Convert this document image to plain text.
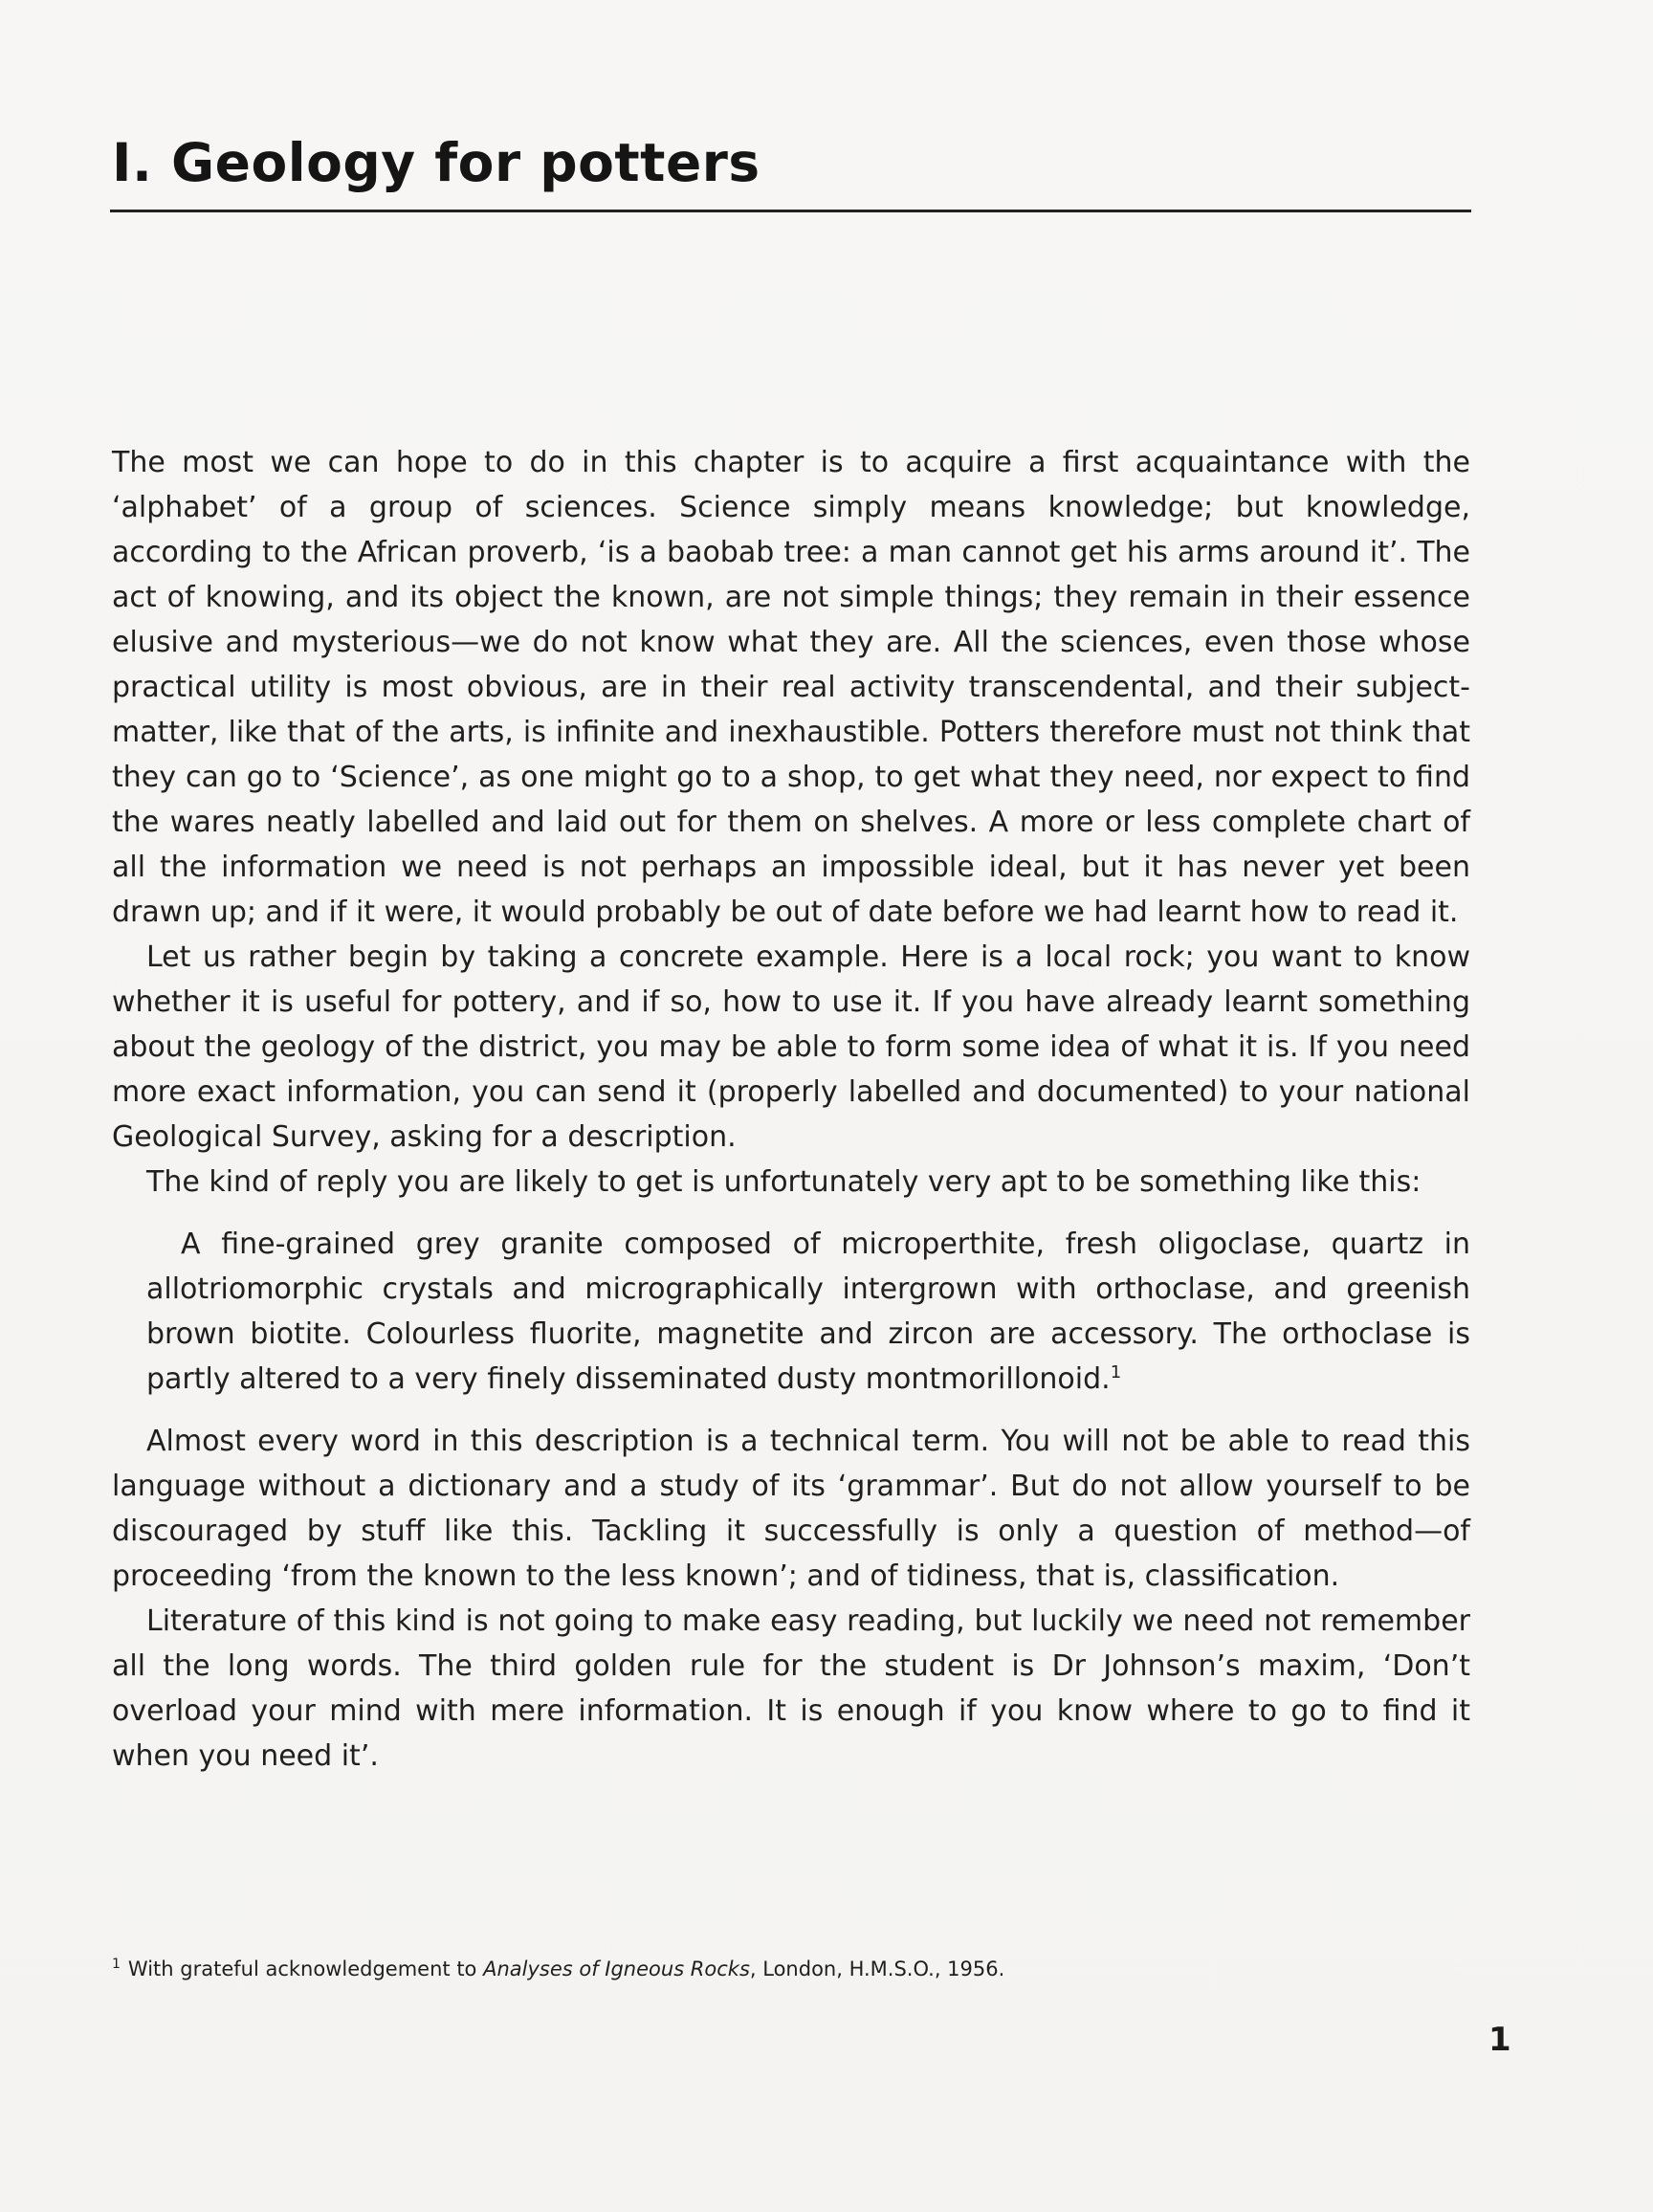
I. Geology for potters

The most we can hope to do in this chapter is to acquire a first acquaintance with the ‘alphabet’ of a group of sciences. Science simply means knowledge; but knowledge, according to the African proverb, ‘is a baobab tree: a man cannot get his arms around it’. The act of knowing, and its object the known, are not simple things; they remain in their essence elusive and mysterious—we do not know what they are. All the sciences, even those whose practical utility is most obvious, are in their real activity transcendental, and their subject-matter, like that of the arts, is infinite and inexhaustible. Potters therefore must not think that they can go to ‘Science’, as one might go to a shop, to get what they need, nor expect to find the wares neatly labelled and laid out for them on shelves. A more or less complete chart of all the information we need is not perhaps an impossible ideal, but it has never yet been drawn up; and if it were, it would probably be out of date before we had learnt how to read it.

Let us rather begin by taking a concrete example. Here is a local rock; you want to know whether it is useful for pottery, and if so, how to use it. If you have already learnt something about the geology of the district, you may be able to form some idea of what it is. If you need more exact information, you can send it (properly labelled and documented) to your national Geological Survey, asking for a description.

The kind of reply you are likely to get is unfortunately very apt to be something like this:

A fine-grained grey granite composed of microperthite, fresh oligoclase, quartz in allotriomorphic crystals and micrographically intergrown with orthoclase, and greenish brown biotite. Colourless fluorite, magnetite and zircon are accessory. The orthoclase is partly altered to a very finely disseminated dusty montmorillonoid.$^1$

Almost every word in this description is a technical term. You will not be able to read this language without a dictionary and a study of its ‘grammar’. But do not allow yourself to be discouraged by stuff like this. Tackling it successfully is only a question of method—of proceeding ‘from the known to the less known’; and of tidiness, that is, classification.

Literature of this kind is not going to make easy reading, but luckily we need not remember all the long words. The third golden rule for the student is Dr Johnson’s maxim, ‘Don’t overload your mind with mere information. It is enough if you know where to go to find it when you need it’.

$^1$ With grateful acknowledgement to Analyses of Igneous Rocks, London, H.M.S.O., 1956.
1
